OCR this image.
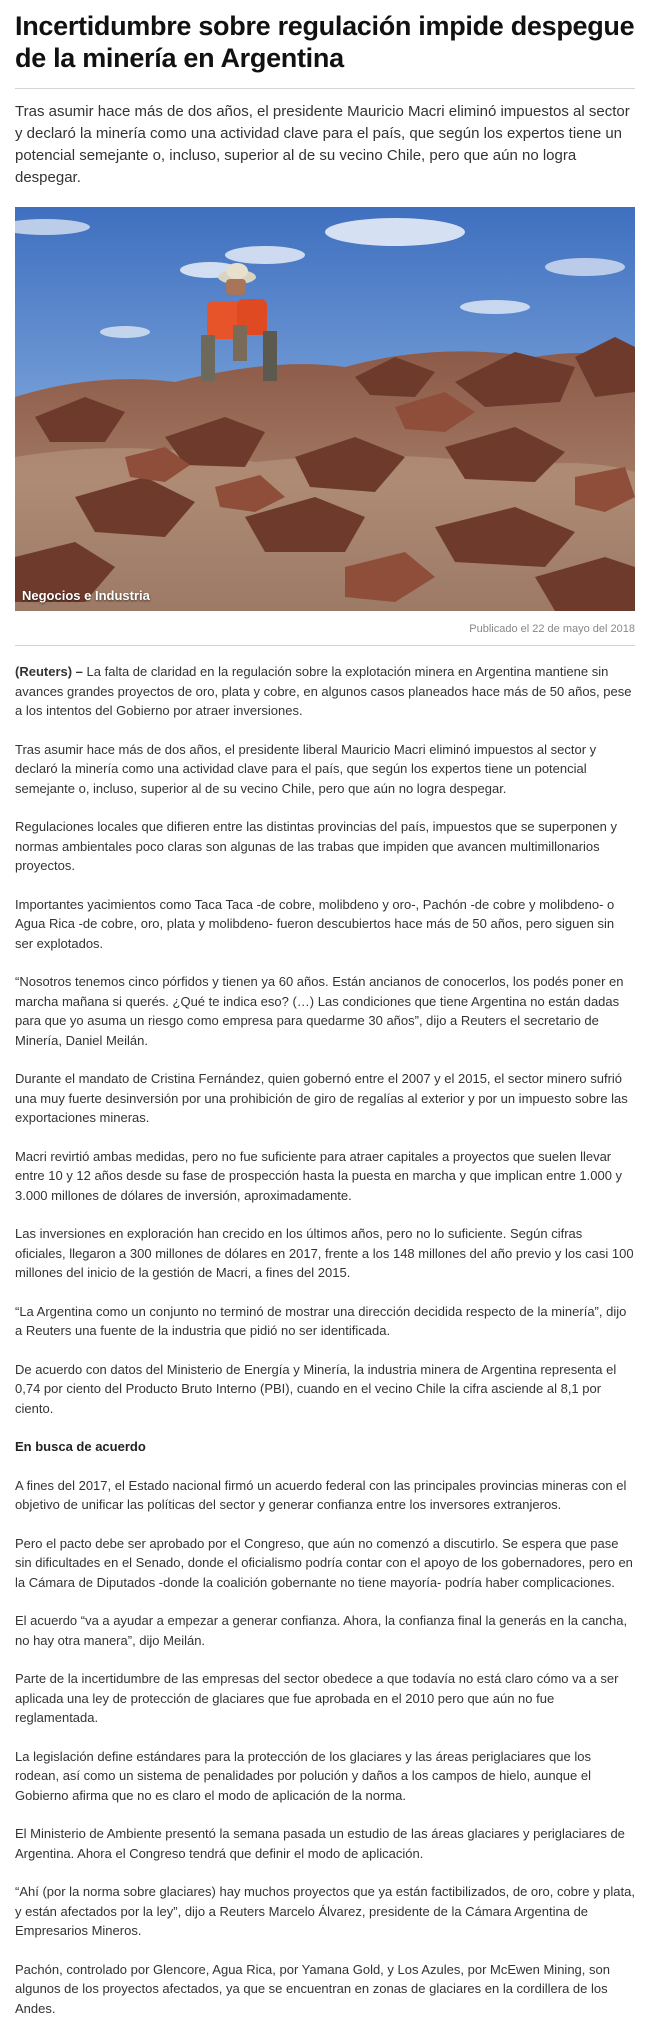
Incertidumbre sobre regulación impide despegue de la minería en Argentina

Tras asumir hace más de dos años, el presidente Mauricio Macri eliminó impuestos al sector y declaró la minería como una actividad clave para el país, que según los expertos tiene un potencial semejante o, incluso, superior al de su vecino Chile, pero que aún no logra despegar.

Negocios e Industria
Publicado el 22 de mayo del 2018

(Reuters) – La falta de claridad en la regulación sobre la explotación minera en Argentina mantiene sin avances grandes proyectos de oro, plata y cobre, en algunos casos planeados hace más de 50 años, pese a los intentos del Gobierno por atraer inversiones.

Tras asumir hace más de dos años, el presidente liberal Mauricio Macri eliminó impuestos al sector y declaró la minería como una actividad clave para el país, que según los expertos tiene un potencial semejante o, incluso, superior al de su vecino Chile, pero que aún no logra despegar.

Regulaciones locales que difieren entre las distintas provincias del país, impuestos que se superponen y normas ambientales poco claras son algunas de las trabas que impiden que avancen multimillonarios proyectos.

Importantes yacimientos como Taca Taca -de cobre, molibdeno y oro-, Pachón -de cobre y molibdeno- o Agua Rica -de cobre, oro, plata y molibdeno- fueron descubiertos hace más de 50 años, pero siguen sin ser explotados.

“Nosotros tenemos cinco pórfidos y tienen ya 60 años. Están ancianos de conocerlos, los podés poner en marcha mañana si querés. ¿Qué te indica eso? (…) Las condiciones que tiene Argentina no están dadas para que yo asuma un riesgo como empresa para quedarme 30 años”, dijo a Reuters el secretario de Minería, Daniel Meilán.

Durante el mandato de Cristina Fernández, quien gobernó entre el 2007 y el 2015, el sector minero sufrió una muy fuerte desinversión por una prohibición de giro de regalías al exterior y por un impuesto sobre las exportaciones mineras.

Macri revirtió ambas medidas, pero no fue suficiente para atraer capitales a proyectos que suelen llevar entre 10 y 12 años desde su fase de prospección hasta la puesta en marcha y que implican entre 1.000 y 3.000 millones de dólares de inversión, aproximadamente.

Las inversiones en exploración han crecido en los últimos años, pero no lo suficiente. Según cifras oficiales, llegaron a 300 millones de dólares en 2017, frente a los 148 millones del año previo y los casi 100 millones del inicio de la gestión de Macri, a fines del 2015.

“La Argentina como un conjunto no terminó de mostrar una dirección decidida respecto de la minería”, dijo a Reuters una fuente de la industria que pidió no ser identificada.

De acuerdo con datos del Ministerio de Energía y Minería, la industria minera de Argentina representa el 0,74 por ciento del Producto Bruto Interno (PBI), cuando en el vecino Chile la cifra asciende al 8,1 por ciento.

En busca de acuerdo

A fines del 2017, el Estado nacional firmó un acuerdo federal con las principales provincias mineras con el objetivo de unificar las políticas del sector y generar confianza entre los inversores extranjeros.

Pero el pacto debe ser aprobado por el Congreso, que aún no comenzó a discutirlo. Se espera que pase sin dificultades en el Senado, donde el oficialismo podría contar con el apoyo de los gobernadores, pero en la Cámara de Diputados -donde la coalición gobernante no tiene mayoría- podría haber complicaciones.

El acuerdo “va a ayudar a empezar a generar confianza. Ahora, la confianza final la generás en la cancha, no hay otra manera”, dijo Meilán.

Parte de la incertidumbre de las empresas del sector obedece a que todavía no está claro cómo va a ser aplicada una ley de protección de glaciares que fue aprobada en el 2010 pero que aún no fue reglamentada.

La legislación define estándares para la protección de los glaciares y las áreas periglaciares que los rodean, así como un sistema de penalidades por polución y daños a los campos de hielo, aunque el Gobierno afirma que no es claro el modo de aplicación de la norma.

El Ministerio de Ambiente presentó la semana pasada un estudio de las áreas glaciares y periglaciares de Argentina. Ahora el Congreso tendrá que definir el modo de aplicación.

“Ahí (por la norma sobre glaciares) hay muchos proyectos que ya están factibilizados, de oro, cobre y plata, y están afectados por la ley”, dijo a Reuters Marcelo Álvarez, presidente de la Cámara Argentina de Empresarios Mineros.

Pachón, controlado por Glencore, Agua Rica, por Yamana Gold, y Los Azules, por McEwen Mining, son algunos de los proyectos afectados, ya que se encuentran en zonas de glaciares en la cordillera de los Andes.
